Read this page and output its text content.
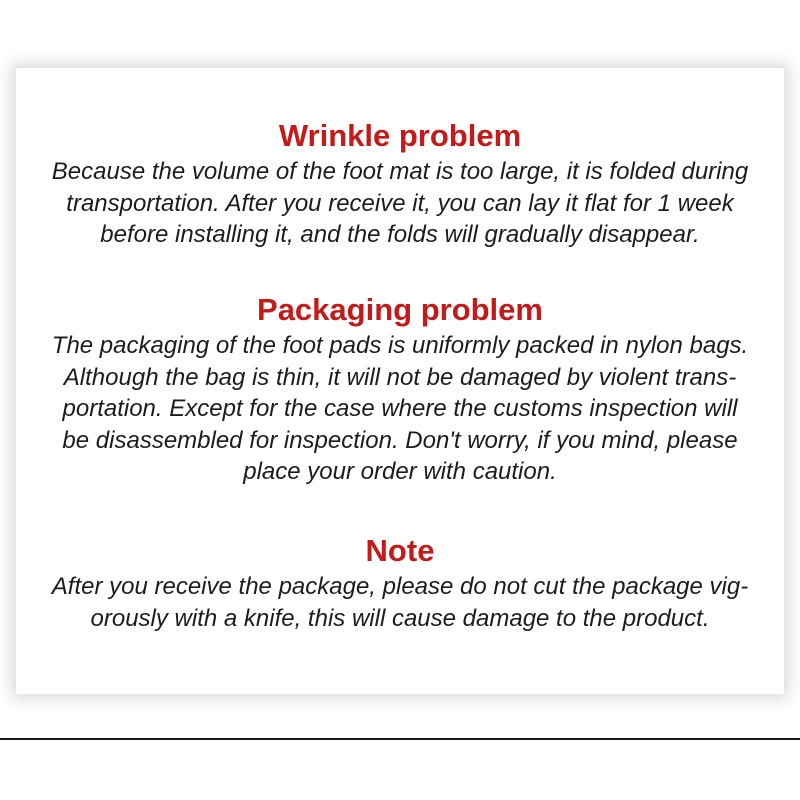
Wrinkle problem

Because the volume of the foot mat is too large, it is folded during
transportation. After you receive it, you can lay it flat for 1 week
before installing it, and the folds will gradually disappear.

Packaging problem

The packaging of the foot pads is uniformly packed in nylon bags.
Although the bag is thin, it will not be damaged by violent trans-
portation. Except for the case where the customs inspection will
be disassembled for inspection. Don't worry, if you mind, please
place your order with caution.

Note

After you receive the package, please do not cut the package vig-
orously with a knife, this will cause damage to the product.
